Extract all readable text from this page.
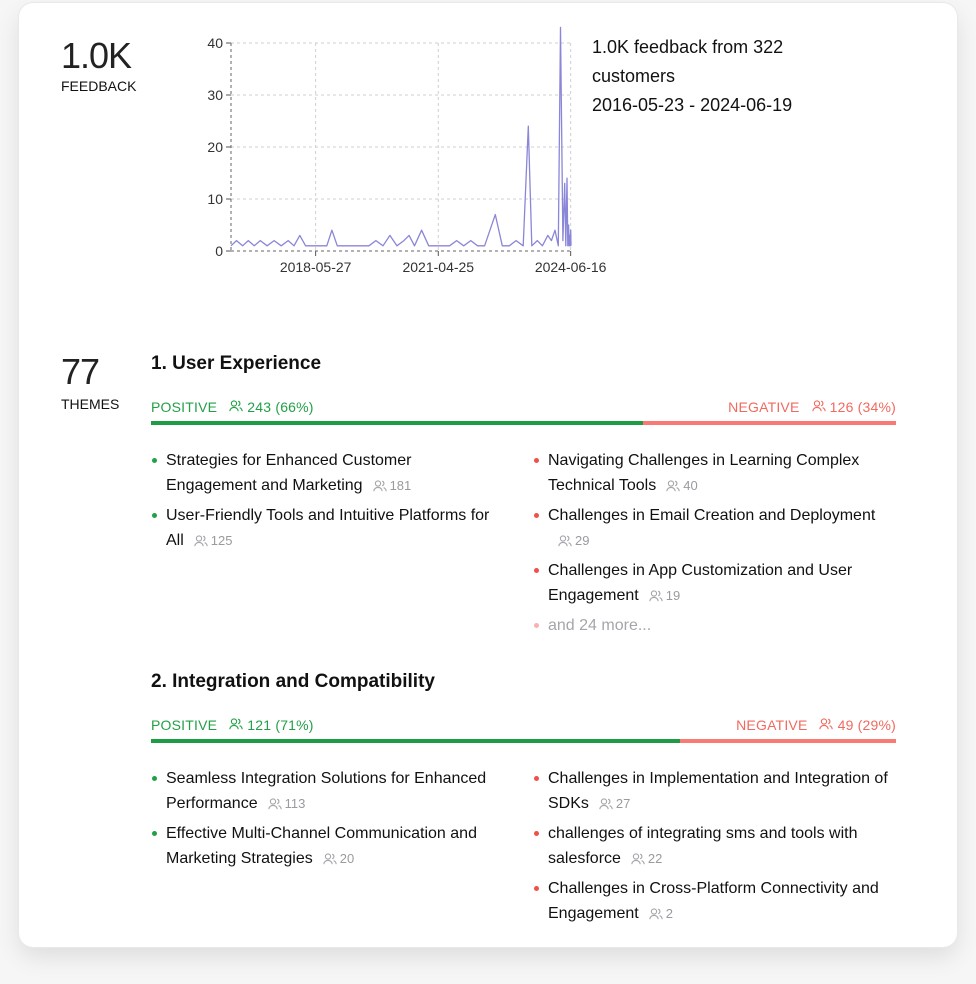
1.0K
FEEDBACK
0
10
20
30
40
2018-05-27	2021-04-25	2024-06-16
1.0K feedback from 322
customers
2016-05-23 - 2024-06-19
77
THEMES
1. User Experience
POSITIVE 243 (66%)	NEGATIVE 126 (34%)
Strategies for Enhanced Customer Engagement and Marketing 181
User-Friendly Tools and Intuitive Platforms for All 125
Navigating Challenges in Learning Complex Technical Tools 40
Challenges in Email Creation and Deployment29
Challenges in App Customization and User Engagement 19
and 24 more...
2. Integration and Compatibility
POSITIVE 121 (71%)	NEGATIVE 49 (29%)
Seamless Integration Solutions for Enhanced Performance 113
Effective Multi-Channel Communication and Marketing Strategies 20
Challenges in Implementation and Integration of SDKs 27
challenges of integrating sms and tools with salesforce 22
Challenges in Cross-Platform Connectivity and Engagement 2
